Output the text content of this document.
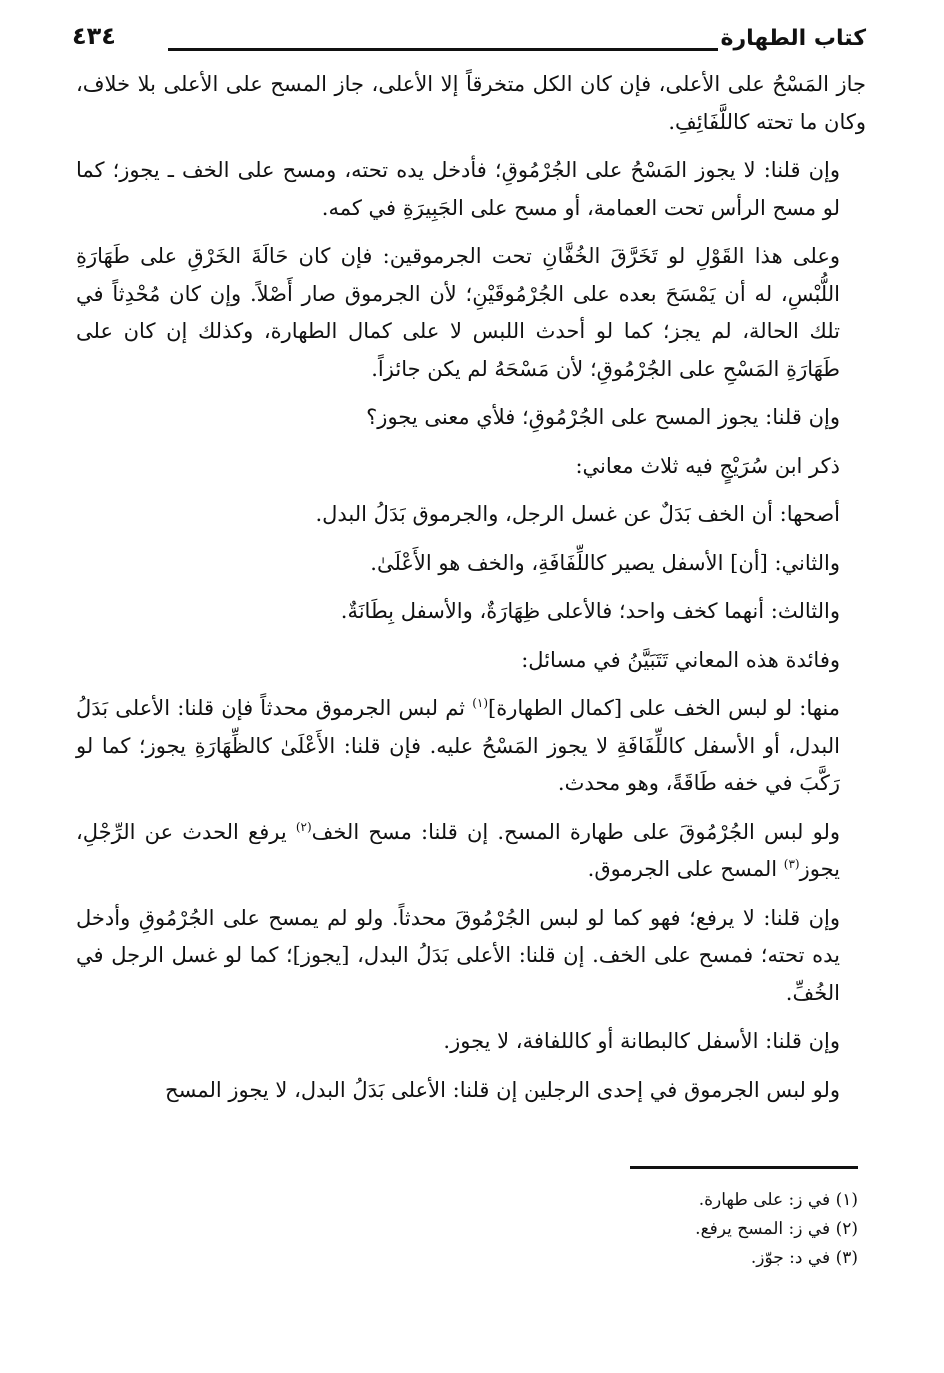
كتاب الطهارة
٤٣٤

جاز المَسْحُ على الأعلى، فإن كان الكل متخرقاً إلا الأعلى، جاز المسح على الأعلى بلا خلاف، وكان ما تحته كاللَّفَائِفِ.

وإن قلنا: لا يجوز المَسْحُ على الجُرْمُوقِ؛ فأدخل يده تحته، ومسح على الخف ـ يجوز؛ كما لو مسح الرأس تحت العمامة، أو مسح على الجَبِيرَةِ في كمه.

وعلى هذا القَوْلِ لو تَخَرَّقَ الخُفَّانِ تحت الجرموقين: فإن كان حَالَةَ الخَرْقِ على طَهَارَةِ اللُّبْسِ، له أن يَمْسَحَ بعده على الجُرْمُوقَيْنِ؛ لأن الجرموق صار أَصْلاً. وإن كان مُحْدِثاً في تلك الحالة، لم يجز؛ كما لو أحدث اللبس لا على كمال الطهارة، وكذلك إن كان على طَهَارَةِ المَسْحِ على الجُرْمُوقِ؛ لأن مَسْحَهُ لم يكن جائزاً.

وإن قلنا: يجوز المسح على الجُرْمُوقِ؛ فلأي معنى يجوز؟

ذكر ابن سُرَيْجٍ فيه ثلاث معاني:

أصحها: أن الخف بَدَلٌ عن غسل الرجل، والجرموق بَدَلُ البدل.

والثاني: [أن] الأسفل يصير كاللِّفَافَةِ، والخف هو الأَعْلَىٰ.

والثالث: أنهما كخف واحد؛ فالأعلى ظِهَارَةٌ، والأسفل بِطَانَةٌ.

وفائدة هذه المعاني تَتَبَيَّنُ في مسائل:

منها: لو لبس الخف على [كمال الطهارة]$^{(١)}$ ثم لبس الجرموق محدثاً فإن قلنا: الأعلى بَدَلُ البدل، أو الأسفل كاللِّفَافَةِ لا يجوز المَسْحُ عليه. فإن قلنا: الأَعْلَىٰ كالظِّهَارَةِ يجوز؛ كما لو رَكَّبَ في خفه طَاقَةً، وهو محدث.

ولو لبس الجُرْمُوقَ على طهارة المسح. إن قلنا: مسح الخف$^{(٢)}$ يرفع الحدث عن الرِّجْلِ، يجوز$^{(٣)}$ المسح على الجرموق.

وإن قلنا: لا يرفع؛ فهو كما لو لبس الجُرْمُوقَ محدثاً. ولو لم يمسح على الجُرْمُوقِ وأدخل يده تحته؛ فمسح على الخف. إن قلنا: الأعلى بَدَلُ البدل، [يجوز]؛ كما لو غسل الرجل في الخُفِّ.

وإن قلنا: الأسفل كالبطانة أو كاللفافة، لا يجوز.

ولو لبس الجرموق في إحدى الرجلين إن قلنا: الأعلى بَدَلُ البدل، لا يجوز المسح

(١) في ز: على طهارة.
(٢) في ز: المسح يرفع.
(٣) في د: جوّز.
